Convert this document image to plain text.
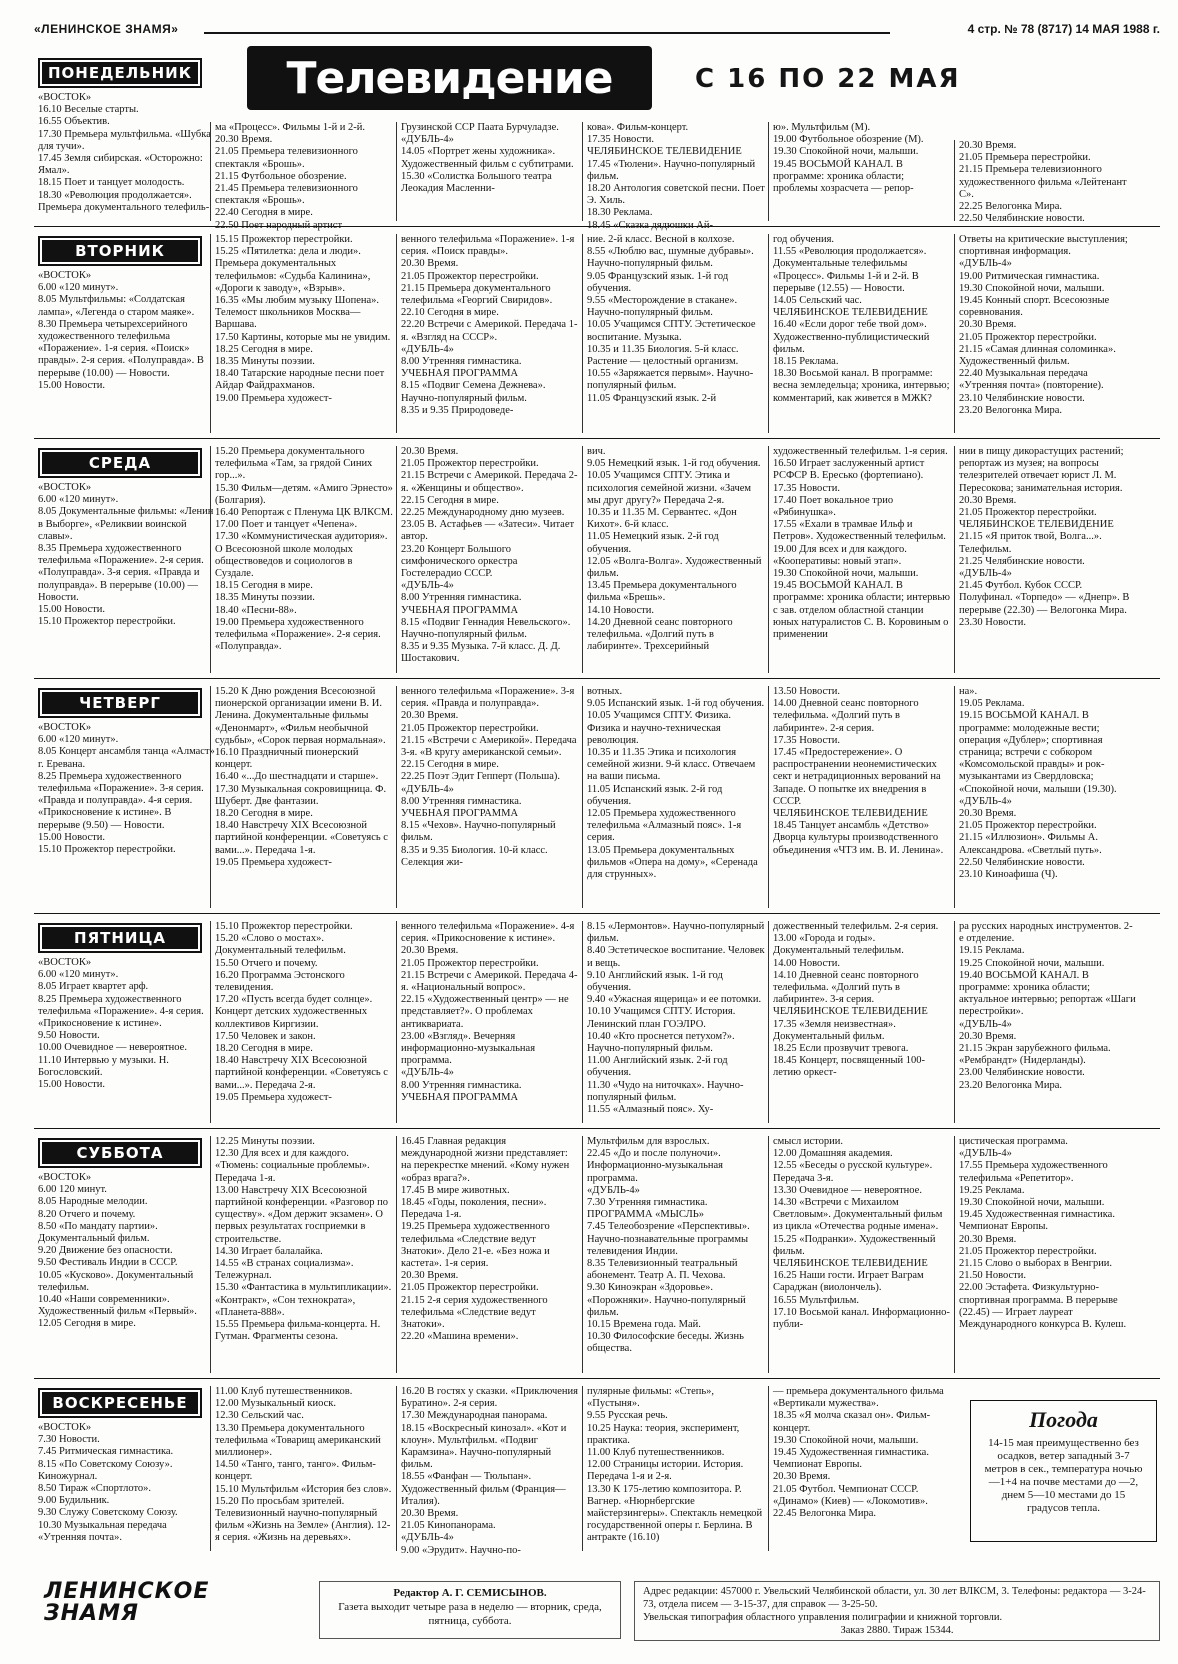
«ЛЕНИНСКОЕ ЗНАМЯ»	4 стр. № 78 (8717) 14 МАЯ 1988 г.
Телевидение	С 16 ПО 22 МАЯ
ПОНЕДЕЛЬНИК
«ВОСТОК»
16.10 Веселые старты.
16.55 Объектив.
17.30 Премьера мультфильма. «Шубка для тучи».
17.45 Земля сибирская. «Осторожно: Ямал».
18.15 Поет и танцует молодость.
18.30 «Революция продолжается». Премьера документального телефиль-
ма «Процесс». Фильмы 1-й и 2-й.
20.30 Время.
21.05 Премьера телевизионного спектакля «Брошь».
21.15 Футбольное обозрение.
21.45 Премьера телевизионного спектакля «Брошь».
22.40 Сегодня в мире.
22.50 Поет народный артист
Грузинской ССР Паата Бурчуладзе.
«ДУБЛЬ-4»
14.05 «Портрет жены художника». Художественный фильм с субтитрами.
15.30 «Солистка Большого театра Леокадия Масленни-
кова». Фильм-концерт.
17.35 Новости.
ЧЕЛЯБИНСКОЕ ТЕЛЕВИДЕНИЕ
17.45 «Тюлени». Научно-популярный фильм.
18.20 Антология советской песни. Поет Э. Хиль.
18.30 Реклама.
18.45 «Сказка дядюшки Ай-
ю». Мультфильм (М).
19.00 Футбольное обозрение (М).
19.30 Спокойной ночи, малыши.
19.45 ВОСЬМОЙ КАНАЛ. В программе: хроника области; проблемы хозрасчета — репор-
20.30 Время.
21.05 Премьера перестройки.
21.15 Премьера телевизионного художественного фильма «Лейтенант С».
22.25 Велогонка Мира.
22.50 Челябинские новости.
ВТОРНИК
«ВОСТОК»
6.00 «120 минут».
8.05 Мультфильмы: «Солдатская лампа», «Легенда о старом маяке».
8.30 Премьера четырехсерийного художественного телефильма «Поражение». 1-я серия. «Поиск» правды». 2-я серия. «Полуправда». В перерыве (10.00) — Новости.
15.00 Новости.
15.15 Прожектор перестройки.
15.25 «Пятилетка: дела и люди». Премьера документальных телефильмов: «Судьба Калинина», «Дороги к заводу», «Взрыв».
16.35 «Мы любим музыку Шопена». Телемост школьников Москва—Варшава.
17.50 Картины, которые мы не увидим.
18.25 Сегодня в мире.
18.35 Минуты поэзии.
18.40 Татарские народные песни поет Айдар Файдрахманов.
19.00 Премьера художест-
венного телефильма «Поражение». 1-я серия. «Поиск правды».
20.30 Время.
21.05 Прожектор перестройки.
21.15 Премьера документального телефильма «Георгий Свиридов».
22.10 Сегодня в мире.
22.20 Встречи с Америкой. Передача 1-я. «Взгляд на СССР».
«ДУБЛЬ-4»
8.00 Утренняя гимнастика.
УЧЕБНАЯ ПРОГРАММА
8.15 «Подвиг Семена Дежнева». Научно-популярный фильм.
8.35 и 9.35 Природоведе-
ние. 2-й класс. Весной в колхозе.
8.55 «Люблю вас, шумные дубравы». Научно-популярный фильм.
9.05 Французский язык. 1-й год обучения.
9.55 «Месторождение в стакане». Научно-популярный фильм.
10.05 Учащимся СПТУ. Эстетическое воспитание. Музыка.
10.35 и 11.35 Биология. 5-й класс. Растение — целостный организм.
10.55 «Заряжается первым». Научно-популярный фильм.
11.05 Французский язык. 2-й
год обучения.
11.55 «Революция продолжается». Документальные телефильмы «Процесс». Фильмы 1-й и 2-й. В перерыве (12.55) — Новости.
14.05 Сельский час.
ЧЕЛЯБИНСКОЕ ТЕЛЕВИДЕНИЕ
16.40 «Если дорог тебе твой дом». Художественно-публицистический фильм.
18.15 Реклама.
18.30 Восьмой канал. В программе: весна земледельца; хроника, интервью; комментарий, как живется в МЖК?
Ответы на критические выступления; спортивная информация.
«ДУБЛЬ-4»
19.00 Ритмическая гимнастика.
19.30 Спокойной ночи, малыши.
19.45 Конный спорт. Всесоюзные соревнования.
20.30 Время.
21.05 Прожектор перестройки.
21.15 «Самая длинная соломинка». Художественный фильм.
22.40 Музыкальная передача «Утренняя почта» (повторение).
23.10 Челябинские новости.
23.20 Велогонка Мира.
СРЕДА
«ВОСТОК»
6.00 «120 минут».
8.05 Документальные фильмы: «Ленин в Выборге», «Реликвии воинской славы».
8.35 Премьера художественного телефильма «Поражение». 2-я серия. «Полуправда». 3-я серия. «Правда и полуправда». В перерыве (10.00) — Новости.
15.00 Новости.
15.10 Прожектор перестройки.
15.20 Премьера документального телефильма «Там, за грядой Синих гор...».
15.30 Фильм—детям. «Амиго Эрнесто» (Болгария).
16.40 Репортаж с Пленума ЦК ВЛКСМ.
17.00 Поет и танцует «Чепена».
17.30 «Коммунистическая аудитория». О Всесоюзной школе молодых обществоведов и социологов в Суздале.
18.15 Сегодня в мире.
18.35 Минуты поэзии.
18.40 «Песни-88».
19.00 Премьера художественного телефильма «Поражение». 2-я серия. «Полуправда».
20.30 Время.
21.05 Прожектор перестройки.
21.15 Встречи с Америкой. Передача 2-я. «Женщины и общество».
22.15 Сегодня в мире.
22.25 Международному дню музеев.
23.05 В. Астафьев — «Затеси». Читает автор.
23.20 Концерт Большого симфонического оркестра Гостелерадио СССР.
«ДУБЛЬ-4»
8.00 Утренняя гимнастика.
УЧЕБНАЯ ПРОГРАММА
8.15 «Подвиг Геннадия Невельского». Научно-популярный фильм.
8.35 и 9.35 Музыка. 7-й класс. Д. Д. Шостакович.
вич.
9.05 Немецкий язык. 1-й год обучения.
10.05 Учащимся СПТУ. Этика и психология семейной жизни. «Зачем мы друг другу?» Передача 2-я.
10.35 и 11.35 М. Сервантес. «Дон Кихот». 6-й класс.
11.05 Немецкий язык. 2-й год обучения.
12.05 «Волга-Волга». Художественный фильм.
13.45 Премьера документального фильма «Брешь».
14.10 Новости.
14.20 Дневной сеанс повторного телефильма. «Долгий путь в лабиринте». Трехсерийный
художественный телефильм. 1-я серия.
16.50 Играет заслуженный артист РСФСР В. Ересько (фортепиано).
17.35 Новости.
17.40 Поет вокальное трио «Рябинушка».
17.55 «Ехали в трамвае Ильф и Петров». Художественный телефильм.
19.00 Для всех и для каждого. «Кооперативы: новый этап».
19.30 Спокойной ночи, малыши.
19.45 ВОСЬМОЙ КАНАЛ. В программе: хроника области; интервью с зав. отделом областной станции юных натуралистов С. В. Коровиным о применении
нии в пищу дикорастущих растений; репортаж из музея; на вопросы телезрителей отвечает юрист Л. М. Пересокова; занимательная история.
20.30 Время.
21.05 Прожектор перестройки.
ЧЕЛЯБИНСКОЕ ТЕЛЕВИДЕНИЕ
21.15 «Я приток твой, Волга...». Телефильм.
21.25 Челябинские новости.
«ДУБЛЬ-4»
21.45 Футбол. Кубок СССР. Полуфинал. «Торпедо» — «Днепр». В перерыве (22.30) — Велогонка Мира.
23.30 Новости.
ЧЕТВЕРГ
«ВОСТОК»
6.00 «120 минут».
8.05 Концерт ансамбля танца «Алмаст» г. Еревана.
8.25 Премьера художественного телефильма «Поражение». 3-я серия. «Правда и полуправда». 4-я серия. «Прикосновение к истине». В перерыве (9.50) — Новости.
15.00 Новости.
15.10 Прожектор перестройки.
15.20 К Дню рождения Всесоюзной пионерской организации имени В. И. Ленина. Документальные фильмы «Денонмарт», «Фильм необычной судьбы», «Сорок первая нормальная».
16.10 Праздничный пионерский концерт.
16.40 «...До шестнадцати и старше».
17.30 Музыкальная сокровищница. Ф. Шуберт. Две фантазии.
18.20 Сегодня в мире.
18.40 Навстречу XIX Всесоюзной партийной конференции. «Советуясь с вами...». Передача 1-я.
19.05 Премьера художест-
венного телефильма «Поражение». 3-я серия. «Правда и полуправда».
20.30 Время.
21.05 Прожектор перестройки.
21.15 «Встречи с Америкой». Передача 3-я. «В кругу американской семьи».
22.15 Сегодня в мире.
22.25 Поэт Эдит Гепперт (Польша).
«ДУБЛЬ-4»
8.00 Утренняя гимнастика.
УЧЕБНАЯ ПРОГРАММА
8.15 «Чехов». Научно-популярный фильм.
8.35 и 9.35 Биология. 10-й класс. Селекция жи-
вотных.
9.05 Испанский язык. 1-й год обучения.
10.05 Учащимся СПТУ. Физика. Физика и научно-техническая революция.
10.35 и 11.35 Этика и психология семейной жизни. 9-й класс. Отвечаем на ваши письма.
11.05 Испанский язык. 2-й год обучения.
12.05 Премьера художественного телефильма «Алмазный пояс». 1-я серия.
13.05 Премьера документальных фильмов «Опера на дому», «Серенада для струнных».
13.50 Новости.
14.00 Дневной сеанс повторного телефильма. «Долгий путь в лабиринте». 2-я серия.
17.35 Новости.
17.45 «Предостережение». О распространении неонемистических сект и нетрадиционных верований на Западе. О попытке их внедрения в СССР.
ЧЕЛЯБИНСКОЕ ТЕЛЕВИДЕНИЕ
18.45 Танцует ансамбль «Детство» Дворца культуры производственного объединения «ЧТЗ им. В. И. Ленина».
на».
19.05 Реклама.
19.15 ВОСЬМОЙ КАНАЛ. В программе: молодежные вести; операция «Дублер»; спортивная страница; встречи с собкором «Комсомольской правды» и рок-музыкантами из Свердловска; «Спокойной ночи, малыши (19.30).
«ДУБЛЬ-4»
20.30 Время.
21.05 Прожектор перестройки.
21.15 «Иллюзион». Фильмы А. Александрова. «Светлый путь».
22.50 Челябинские новости.
23.10 Киноафиша (Ч).
ПЯТНИЦА
«ВОСТОК»
6.00 «120 минут».
8.05 Играет квартет арф.
8.25 Премьера художественного телефильма «Поражение». 4-я серия. «Прикосновение к истине».
9.50 Новости.
10.00 Очевидное — невероятное.
11.10 Интервью у музыки. Н. Богословский.
15.00 Новости.
15.10 Прожектор перестройки.
15.20 «Слово о мостах». Документальный телефильм.
15.50 Отчего и почему.
16.20 Программа Эстонского телевидения.
17.20 «Пусть всегда будет солнце». Концерт детских художественных коллективов Киргизии.
17.50 Человек и закон.
18.20 Сегодня в мире.
18.40 Навстречу XIX Всесоюзной партийной конференции. «Советуясь с вами...». Передача 2-я.
19.05 Премьера художест-
венного телефильма «Поражение». 4-я серия. «Прикосновение к истине».
20.30 Время.
21.05 Прожектор перестройки.
21.15 Встречи с Америкой. Передача 4-я. «Национальный вопрос».
22.15 «Художественный центр» — не представляет?». О проблемах антиквариата.
23.00 «Взгляд». Вечерняя информационно-музыкальная программа.
«ДУБЛЬ-4»
8.00 Утренняя гимнастика.
УЧЕБНАЯ ПРОГРАММА
8.15 «Лермонтов». Научно-популярный фильм.
8.40 Эстетическое воспитание. Человек и вещь.
9.10 Английский язык. 1-й год обучения.
9.40 «Ужасная ящерица» и ее потомки.
10.10 Учащимся СПТУ. История. Ленинский план ГОЭЛРО.
10.40 «Кто проснется петухом?». Научно-популярный фильм.
11.00 Английский язык. 2-й год обучения.
11.30 «Чудо на ниточках». Научно-популярный фильм.
11.55 «Алмазный пояс». Ху-
дожественный телефильм. 2-я серия.
13.00 «Города и годы». Документальный телефильм.
14.00 Новости.
14.10 Дневной сеанс повторного телефильма. «Долгий путь в лабиринте». 3-я серия.
ЧЕЛЯБИНСКОЕ ТЕЛЕВИДЕНИЕ
17.35 «Земля неизвестная». Документальный фильм.
18.25 Если прозвучит тревога.
18.45 Концерт, посвященный 100-летию оркест-
ра русских народных инструментов. 2-е отделение.
19.15 Реклама.
19.25 Спокойной ночи, малыши.
19.40 ВОСЬМОЙ КАНАЛ. В программе: хроника области; актуальное интервью; репортаж «Шаги перестройки».
«ДУБЛЬ-4»
20.30 Время.
21.15 Экран зарубежного фильма. «Рембрандт» (Нидерланды).
23.00 Челябинские новости.
23.20 Велогонка Мира.
СУББОТА
«ВОСТОК»
6.00 120 минут.
8.05 Народные мелодии.
8.20 Отчего и почему.
8.50 «По мандату партии». Документальный фильм.
9.20 Движение без опасности.
9.50 Фестиваль Индии в СССР.
10.05 «Кусково». Документальный телефильм.
10.40 «Наши современники». Художественный фильм «Первый».
12.05 Сегодня в мире.
12.25 Минуты поэзии.
12.30 Для всех и для каждого. «Тюмень: социальные проблемы». Передача 1-я.
13.00 Навстречу XIX Всесоюзной партийной конференции. «Разговор по существу». «Дом держит экзамен». О первых результатах госприемки в строительстве.
14.30 Играет балалайка.
14.55 «В странах социализма». Тележурнал.
15.30 «Фантастика в мультипликации». «Контракт», «Сон технократа», «Планета-888».
15.55 Премьера фильма-концерта. Н. Гутман. Фрагменты сезона.
16.45 Главная редакция международной жизни представляет: на перекрестке мнений. «Кому нужен «образ врага?».
17.45 В мире животных.
18.45 «Годы, поколения, песни». Передача 1-я.
19.25 Премьера художественного телефильма «Следствие ведут Знатоки». Дело 21-е. «Без ножа и кастета». 1-я серия.
20.30 Время.
21.05 Прожектор перестройки.
21.15 2-я серия художественного телефильма «Следствие ведут Знатоки».
22.20 «Машина времени».
Мультфильм для взрослых.
22.45 «До и после полуночи». Информационно-музыкальная программа.
«ДУБЛЬ-4»
7.30 Утренняя гимнастика.
ПРОГРАММА «МЫСЛЬ»
7.45 Телеобозрение «Перспективы». Научно-познавательные программы телевидения Индии.
8.35 Телевизионный театральный абонемент. Театр А. П. Чехова.
9.30 Киноэкран «Здоровье». «Порожняки». Научно-популярный фильм.
10.15 Времена года. Май.
10.30 Философские беседы. Жизнь общества.
смысл истории.
12.00 Домашняя академия.
12.55 «Беседы о русской культуре». Передача 3-я.
13.30 Очевидное — невероятное.
14.30 «Встречи с Михаилом Светловым». Документальный фильм из цикла «Отечества родные имена».
15.25 «Подранки». Художественный фильм.
ЧЕЛЯБИНСКОЕ ТЕЛЕВИДЕНИЕ
16.25 Наши гости. Играет Ваграм Сараджан (виолончель).
16.55 Мультфильм.
17.10 Восьмой канал. Информационно-публи-
цистическая программа.
«ДУБЛЬ-4»
17.55 Премьера художественного телефильма «Репетитор».
19.25 Реклама.
19.30 Спокойной ночи, малыши.
19.45 Художественная гимнастика. Чемпионат Европы.
20.30 Время.
21.05 Прожектор перестройки.
21.15 Слово о выборах в Венгрии.
21.50 Новости.
22.00 Эстафета. Физкультурно-спортивная программа. В перерыве (22.45) — Играет лауреат Международного конкурса В. Кулеш.
ВОСКРЕСЕНЬЕ
«ВОСТОК»
7.30 Новости.
7.45 Ритмическая гимнастика.
8.15 «По Советскому Союзу». Киножурнал.
8.50 Тираж «Спортлото».
9.00 Будильник.
9.30 Служу Советскому Союзу.
10.30 Музыкальная передача «Утренняя почта».
11.00 Клуб путешественников.
12.00 Музыкальный киоск.
12.30 Сельский час.
13.30 Премьера документального телефильма «Товарищ американский миллионер».
14.50 «Танго, танго, танго». Фильм-концерт.
15.10 Мультфильм «История без слов».
15.20 По просьбам зрителей. Телевизионный научно-популярный фильм «Жизнь на Земле» (Англия). 12-я серия. «Жизнь на деревьях».
16.20 В гостях у сказки. «Приключения Буратино». 2-я серия.
17.30 Международная панорама.
18.15 «Воскресный кинозал». «Кот и клоун». Мультфильм. «Подвиг Карамзина». Научно-популярный фильм.
18.55 «Фанфан — Тюльпан». Художественный фильм (Франция—Италия).
20.30 Время.
21.05 Кинопанорама.
«ДУБЛЬ-4»
9.00 «Эрудит». Научно-по-
пулярные фильмы: «Степь», «Пустыня».
9.55 Русская речь.
10.25 Наука: теория, эксперимент, практика.
11.00 Клуб путешественников.
12.00 Страницы истории. История. Передача 1-я и 2-я.
13.30 К 175-летию композитора. Р. Вагнер. «Нюрнбергские майстерзингеры». Спектакль немецкой государственной оперы г. Берлина. В антракте (16.10)
— премьера документального фильма «Вертикали мужества».
18.35 «Я молча сказал он». Фильм-концерт.
19.30 Спокойной ночи, малыши.
19.45 Художественная гимнастика. Чемпионат Европы.
20.30 Время.
21.05 Футбол. Чемпионат СССР. «Динамо» (Киев) — «Локомотив».
22.45 Велогонка Мира.
Погода
14-15 мая преимущественно без осадков, ветер западный 3-7 метров в сек., температура ночью —1+4 на почве местами до —2, днем 5—10 местами до 15 градусов тепла.
ЛЕНИНСКОЕ ЗНАМЯ
Редактор А. Г. СЕМИСЫНОВ.
Газета выходит четыре раза в неделю — вторник, среда, пятница, суббота.
Адрес редакции: 457000 г. Увельский Челябинской области, ул. 30 лет ВЛКСМ, 3. Телефоны: редактора — 3-24-73, отдела писем — 3-15-37, для справок — 3-25-50.
Увельская типография областного управления полиграфии и книжной торговли.
Заказ 2880. Тираж 15344.
